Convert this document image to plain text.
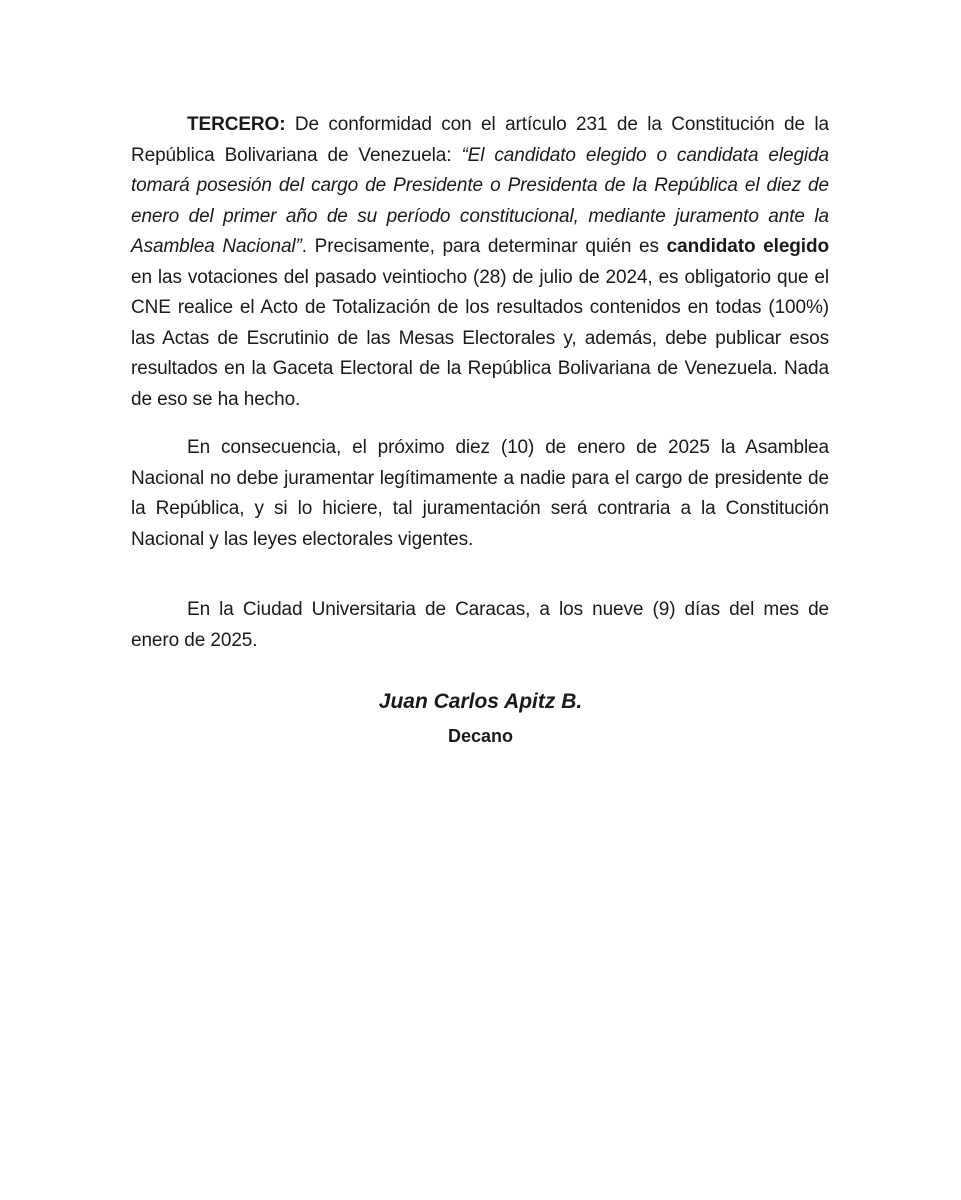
TERCERO: De conformidad con el artículo 231 de la Constitución de la República Bolivariana de Venezuela: “El candidato elegido o candidata elegida tomará posesión del cargo de Presidente o Presidenta de la República el diez de enero del primer año de su período constitucional, mediante juramento ante la Asamblea Nacional”. Precisamente, para determinar quién es candidato elegido en las votaciones del pasado veintiocho (28) de julio de 2024, es obligatorio que el CNE realice el Acto de Totalización de los resultados contenidos en todas (100%) las Actas de Escrutinio de las Mesas Electorales y, además, debe publicar esos resultados en la Gaceta Electoral de la República Bolivariana de Venezuela. Nada de eso se ha hecho.

En consecuencia, el próximo diez (10) de enero de 2025 la Asamblea Nacional no debe juramentar legítimamente a nadie para el cargo de presidente de la República, y si lo hiciere, tal juramentación será contraria a la Constitución Nacional y las leyes electorales vigentes.

En la Ciudad Universitaria de Caracas, a los nueve (9) días del mes de enero de 2025.

Juan Carlos Apitz B.
Decano
